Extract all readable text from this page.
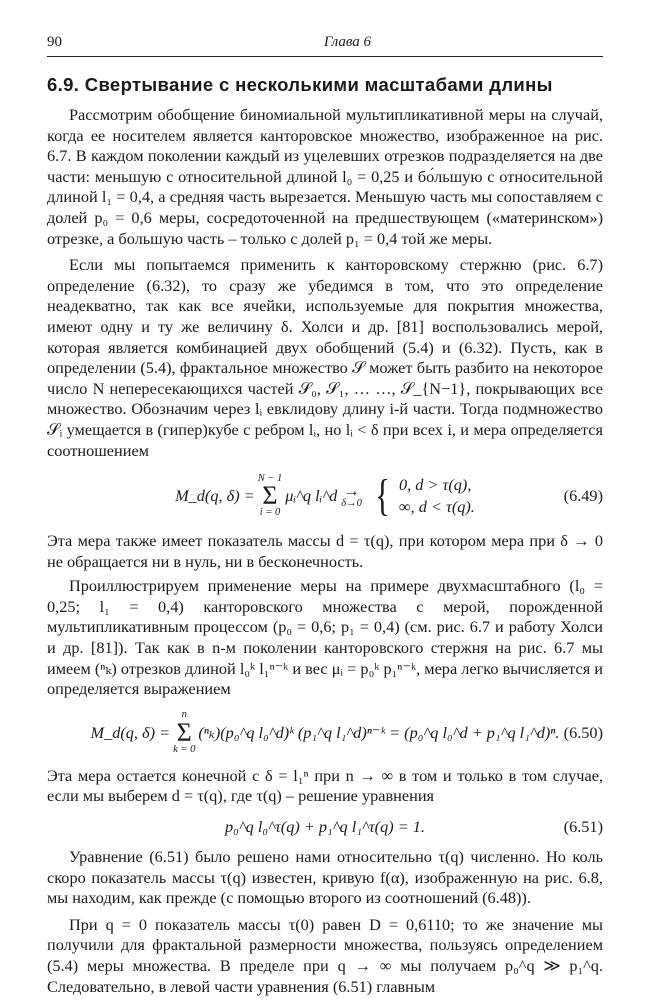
90	Глава 6
6.9. Свертывание с несколькими масштабами длины

Рассмотрим обобщение биномиальной мультипликативной меры на случай, когда ее носителем является канторовское множество, изображенное на рис. 6.7. В каждом поколении каждый из уцелевших отрезков подразделяется на две части: меньшую с относительной длиной l₀ = 0,25 и бо́льшую с относительной длиной l₁ = 0,4, а средняя часть вырезается. Меньшую часть мы сопоставляем с долей p₀ = 0,6 меры, сосредоточенной на предшествующем («материнском») отрезке, а большую часть – только с долей p₁ = 0,4 той же меры.

Если мы попытаемся применить к канторовскому стержню (рис. 6.7) определение (6.32), то сразу же убедимся в том, что это определение неадекватно, так как все ячейки, используемые для покрытия множества, имеют одну и ту же величину δ. Холси и др. [81] воспользовались мерой, которая является комбинацией двух обобщений (5.4) и (6.32). Пусть, как в определении (5.4), фрактальное множество 𝒮 может быть разбито на некоторое число N непересекающихся частей 𝒮₀, 𝒮₁, … …, 𝒮_{N−1}, покрывающих все множество. Обозначим через lᵢ евклидову длину i-й части. Тогда подмножество 𝒮ᵢ умещается в (гипер)кубе с ребром lᵢ, но lᵢ < δ при всех i, и мера определяется соотношением

M_d(q, δ) =
N − 1
Σ
i = 0
μᵢ^q lᵢ^d →
δ→0 { 0, d > τ(q),
∞, d < τ(q).
(6.49)

Эта мера также имеет показатель массы d = τ(q), при котором мера при δ → 0 не обращается ни в нуль, ни в бесконечность.

Проиллюстрируем применение меры на примере двухмасштабного (l₀ = 0,25; l₁ = 0,4) канторовского множества с мерой, порожденной мультипликативным процессом (p₀ = 0,6; p₁ = 0,4) (см. рис. 6.7 и работу Холси и др. [81]). Так как в n-м поколении канторовского стержня на рис. 6.7 мы имеем (ⁿₖ) отрезков длиной l₀ᵏ l₁ⁿ⁻ᵏ и вес μᵢ = p₀ᵏ p₁ⁿ⁻ᵏ, мера легко вычисляется и определяется выражением

M_d(q, δ) =
n
Σ
k = 0
(ⁿₖ)(p₀^q l₀^d)ᵏ (p₁^q l₁^d)ⁿ⁻ᵏ = (p₀^q l₀^d + p₁^q l₁^d)ⁿ. (6.50)

Эта мера остается конечной с δ = l₁ⁿ при n → ∞ в том и только в том случае, если мы выберем d = τ(q), где τ(q) – решение уравнения

p₀^q l₀^τ(q) + p₁^q l₁^τ(q) = 1.	(6.51)

Уравнение (6.51) было решено нами относительно τ(q) численно. Но коль скоро показатель массы τ(q) известен, кривую f(α), изображенную на рис. 6.8, мы находим, как прежде (с помощью второго из соотношений (6.48)).

При q = 0 показатель массы τ(0) равен D = 0,6110; то же значение мы получили для фрактальной размерности множества, пользуясь определением (5.4) меры множества. В пределе при q → ∞ мы получаем p₀^q ≫ p₁^q. Следовательно, в левой части уравнения (6.51) главным
